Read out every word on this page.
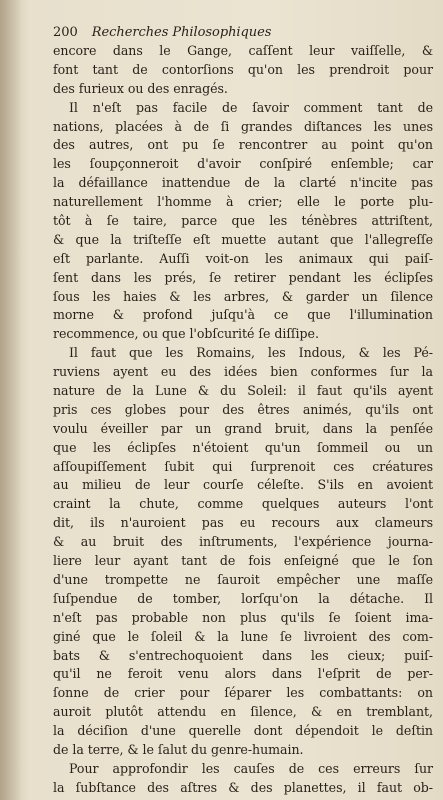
200 Recherches Philosophiques
encore dans le Gange, caſſent leur vaiſſelle, &
font tant de contorſions qu'on les prendroit pour
des furieux ou des enragés.
Il n'eſt pas facile de ſavoir comment tant de
nations, placées à de ſi grandes diſtances les unes
des autres, ont pu ſe rencontrer au point qu'on
les ſoupçonneroit d'avoir conſpiré enſemble; car
la défaillance inattendue de la clarté n'incite pas
naturellement l'homme à crier; elle le porte plu-
tôt à ſe taire, parce que les ténèbres attriſtent,
& que la triſteſſe eſt muette autant que l'allegreſſe
eſt parlante. Auſſi voit-on les animaux qui paiſ-
ſent dans les prés, ſe retirer pendant les éclipſes
ſous les haies & les arbres, & garder un ſilence
morne & profond juſqu'à ce que l'illumination
recommence, ou que l'obſcurité ſe diſſipe.
Il faut que les Romains, les Indous, & les Pé-
ruviens ayent eu des idées bien conformes ſur la
nature de la Lune & du Soleil: il faut qu'ils ayent
pris ces globes pour des êtres animés, qu'ils ont
voulu éveiller par un grand bruit, dans la penſée
que les éclipſes n'étoient qu'un ſommeil ou un
aſſoupiſſement ſubit qui ſurprenoit ces créatures
au milieu de leur courſe céleſte. S'ils en avoient
craint la chute, comme quelques auteurs l'ont
dit, ils n'auroient pas eu recours aux clameurs
& au bruit des inſtruments, l'expérience journa-
liere leur ayant tant de fois enſeigné que le ſon
d'une trompette ne ſauroit empêcher une maſſe
ſuſpendue de tomber, lorſqu'on la détache. Il
n'eſt pas probable non plus qu'ils ſe ſoient ima-
giné que le ſoleil & la lune ſe livroient des com-
bats & s'entrechoquoient dans les cieux; puiſ-
qu'il ne feroit venu alors dans l'eſprit de per-
ſonne de crier pour ſéparer les combattants: on
auroit plutôt attendu en ſilence, & en tremblant,
la déciſion d'une querelle dont dépendoit le deſtin
de la terre, & le ſalut du genre-humain.
Pour approfondir les cauſes de ces erreurs ſur
la ſubſtance des aſtres & des planettes, il faut ob-
